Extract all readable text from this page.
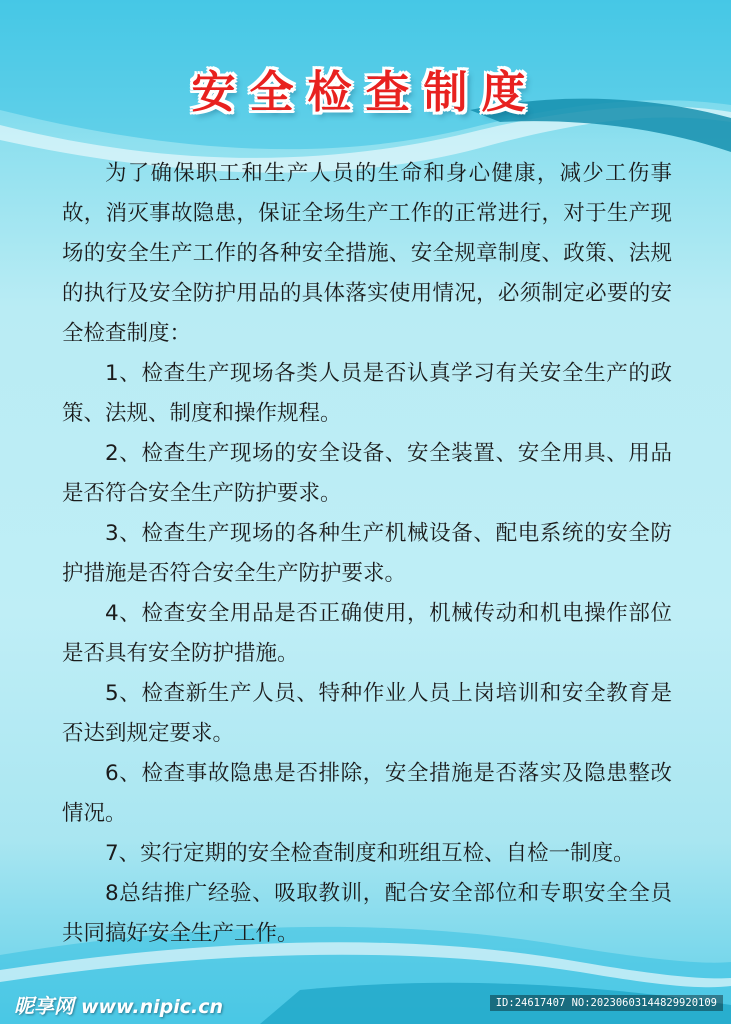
安全检查制度

为了确保职工和生产人员的生命和身心健康，减少工伤事故，消灭事故隐患，保证全场生产工作的正常进行，对于生产现场的安全生产工作的各种安全措施、安全规章制度、政策、法规的执行及安全防护用品的具体落实使用情况，必须制定必要的安全检查制度：

1、检查生产现场各类人员是否认真学习有关安全生产的政策、法规、制度和操作规程。

2、检查生产现场的安全设备、安全装置、安全用具、用品是否符合安全生产防护要求。

3、检查生产现场的各种生产机械设备、配电系统的安全防护措施是否符合安全生产防护要求。

4、检查安全用品是否正确使用，机械传动和机电操作部位是否具有安全防护措施。

5、检查新生产人员、特种作业人员上岗培训和安全教育是否达到规定要求。

6、检查事故隐患是否排除，安全措施是否落实及隐患整改情况。

7、实行定期的安全检查制度和班组互检、自检一制度。

8总结推广经验、吸取教训，配合安全部位和专职安全全员共同搞好安全生产工作。

昵享网 www.nipic.cn	ID:24617407 NO:20230603144829920109
